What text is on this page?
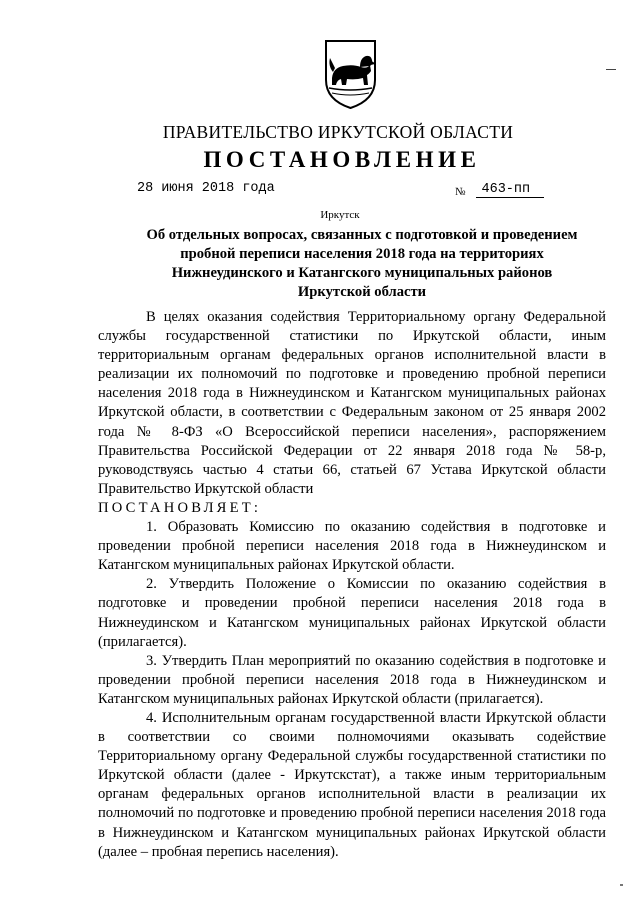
ПРАВИТЕЛЬСТВО ИРКУТСКОЙ ОБЛАСТИ
ПОСТАНОВЛЕНИЕ
28 июня 2018 года	№ 463-пп
Иркутск
Об отдельных вопросах, связанных с подготовкой и проведением
пробной переписи населения 2018 года на территориях
Нижнеудинского и Катангского муниципальных районов
Иркутской области

В целях оказания содействия Территориальному органу Федеральной службы государственной статистики по Иркутской области, иным территориальным органам федеральных органов исполнительной власти в реализации их полномочий по подготовке и проведению пробной переписи населения 2018 года в Нижнеудинском и Катангском муниципальных районах Иркутской области, в соответствии с Федеральным законом от 25 января 2002 года № 8-ФЗ «О Всероссийской переписи населения», распоряжением Правительства Российской Федерации от 22 января 2018 года № 58-р, руководствуясь частью 4 статьи 66, статьей 67 Устава Иркутской области Правительство Иркутской области

ПОСТАНОВЛЯЕТ:

1. Образовать Комиссию по оказанию содействия в подготовке и проведении пробной переписи населения 2018 года в Нижнеудинском и Катангском муниципальных районах Иркутской области.

2. Утвердить Положение о Комиссии по оказанию содействия в подготовке и проведении пробной переписи населения 2018 года в Нижнеудинском и Катангском муниципальных районах Иркутской области (прилагается).

3. Утвердить План мероприятий по оказанию содействия в подготовке и проведении пробной переписи населения 2018 года в Нижнеудинском и Катангском муниципальных районах Иркутской области (прилагается).

4. Исполнительным органам государственной власти Иркутской области в соответствии со своими полномочиями оказывать содействие Территориальному органу Федеральной службы государственной статистики по Иркутской области (далее - Иркутскстат), а также иным территориальным органам федеральных органов исполнительной власти в реализации их полномочий по подготовке и проведению пробной переписи населения 2018 года в Нижнеудинском и Катангском муниципальных районах Иркутской области (далее – пробная перепись населения).
